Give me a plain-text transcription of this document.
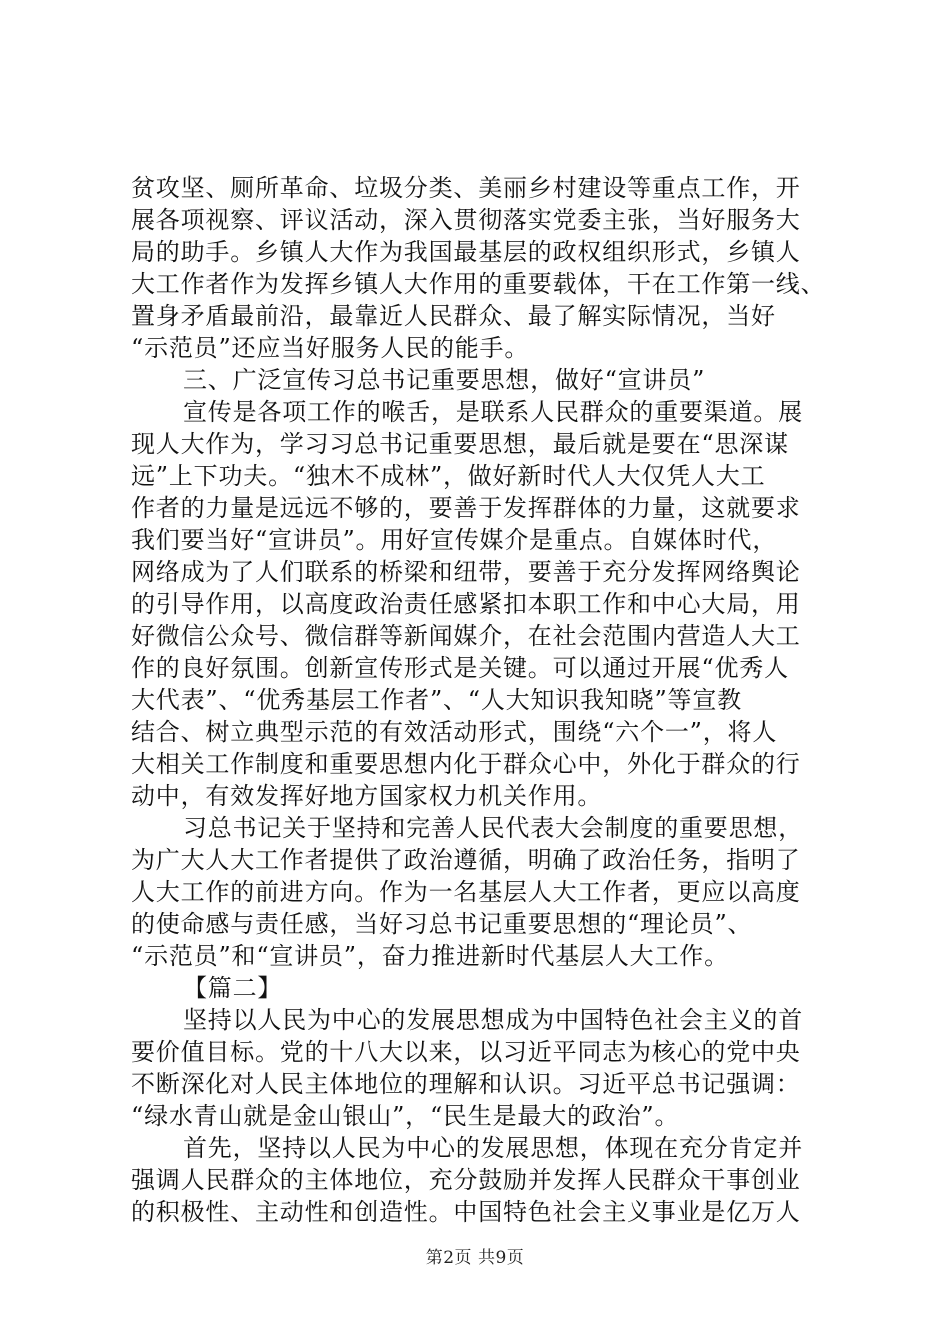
贫攻坚、厕所革命、垃圾分类、美丽乡村建设等重点工作，开
展各项视察、评议活动，深入贯彻落实党委主张，当好服务大
局的助手。乡镇人大作为我国最基层的政权组织形式，乡镇人
大工作者作为发挥乡镇人大作用的重要载体，干在工作第一线、
置身矛盾最前沿，最靠近人民群众、最了解实际情况，当好
“示范员”还应当好服务人民的能手。
三、广泛宣传习总书记重要思想，做好“宣讲员”
宣传是各项工作的喉舌，是联系人民群众的重要渠道。展
现人大作为，学习习总书记重要思想，最后就是要在“思深谋
远”上下功夫。“独木不成林”，做好新时代人大仅凭人大工
作者的力量是远远不够的，要善于发挥群体的力量，这就要求
我们要当好“宣讲员”。用好宣传媒介是重点。自媒体时代，
网络成为了人们联系的桥梁和纽带，要善于充分发挥网络舆论
的引导作用，以高度政治责任感紧扣本职工作和中心大局，用
好微信公众号、微信群等新闻媒介，在社会范围内营造人大工
作的良好氛围。创新宣传形式是关键。可以通过开展“优秀人
大代表”、“优秀基层工作者”、“人大知识我知晓”等宣教
结合、树立典型示范的有效活动形式，围绕“六个一”，将人
大相关工作制度和重要思想内化于群众心中，外化于群众的行
动中，有效发挥好地方国家权力机关作用。
习总书记关于坚持和完善人民代表大会制度的重要思想，
为广大人大工作者提供了政治遵循，明确了政治任务，指明了
人大工作的前进方向。作为一名基层人大工作者，更应以高度
的使命感与责任感，当好习总书记重要思想的“理论员”、
“示范员”和“宣讲员”，奋力推进新时代基层人大工作。
【篇二】
坚持以人民为中心的发展思想成为中国特色社会主义的首
要价值目标。党的十八大以来，以习近平同志为核心的党中央
不断深化对人民主体地位的理解和认识。习近平总书记强调：
“绿水青山就是金山银山”，“民生是最大的政治”。
首先，坚持以人民为中心的发展思想，体现在充分肯定并
强调人民群众的主体地位，充分鼓励并发挥人民群众干事创业
的积极性、主动性和创造性。中国特色社会主义事业是亿万人
第2页 共9页
